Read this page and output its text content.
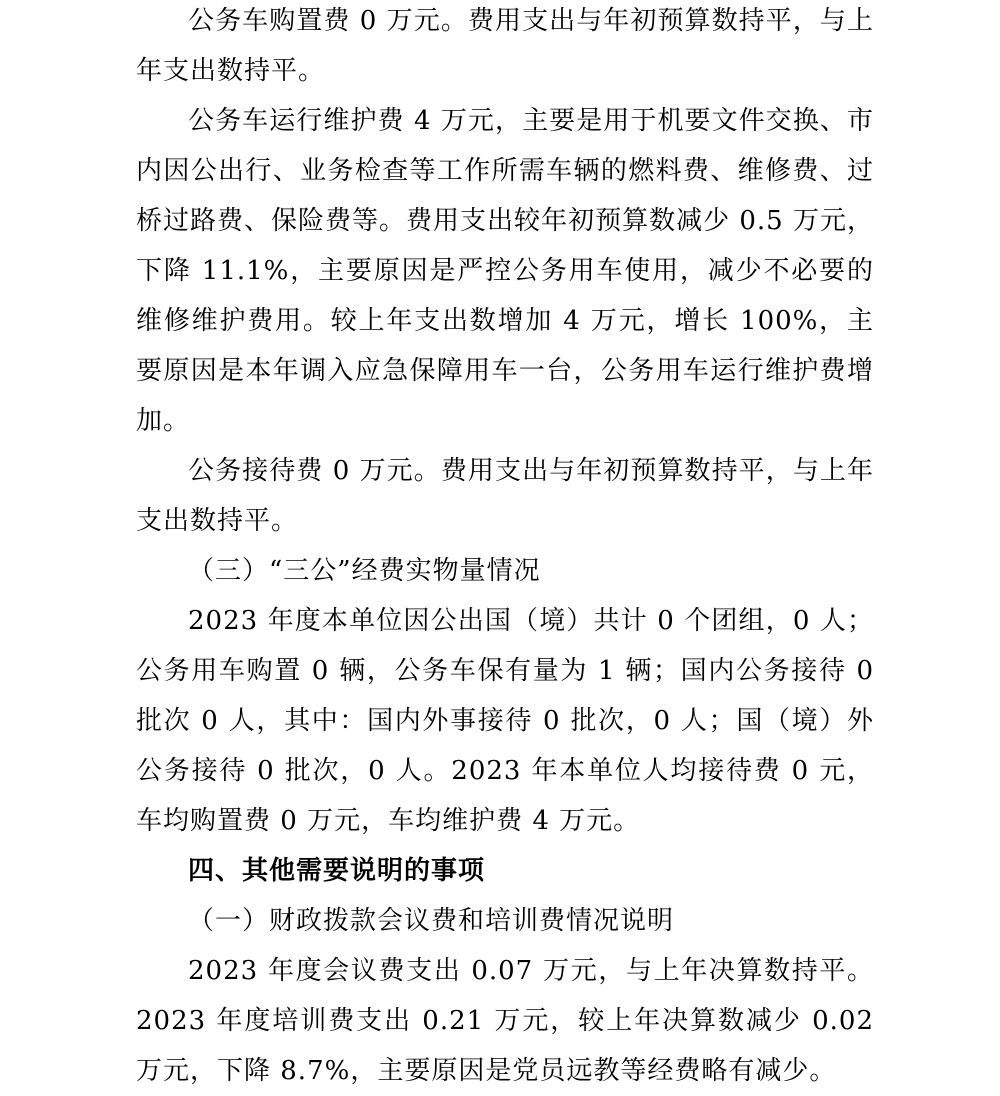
公务车购置费 0 万元。费用支出与年初预算数持平，与上年支出数持平。

公务车运行维护费 4 万元，主要是用于机要文件交换、市内因公出行、业务检查等工作所需车辆的燃料费、维修费、过桥过路费、保险费等。费用支出较年初预算数减少 0.5 万元，下降 11.1%，主要原因是严控公务用车使用，减少不必要的维修维护费用。较上年支出数增加 4 万元，增长 100%，主要原因是本年调入应急保障用车一台，公务用车运行维护费增加。

公务接待费 0 万元。费用支出与年初预算数持平，与上年支出数持平。

（三）“三公”经费实物量情况

2023 年度本单位因公出国（境）共计 0 个团组，0 人；公务用车购置 0 辆，公务车保有量为 1 辆；国内公务接待 0 批次 0 人，其中：国内外事接待 0 批次，0 人；国（境）外公务接待 0 批次，0 人。2023 年本单位人均接待费 0 元，车均购置费 0 万元，车均维护费 4 万元。

四、其他需要说明的事项

（一）财政拨款会议费和培训费情况说明

2023 年度会议费支出 0.07 万元，与上年决算数持平。2023 年度培训费支出 0.21 万元，较上年决算数减少 0.02 万元，下降 8.7%，主要原因是党员远教等经费略有减少。
